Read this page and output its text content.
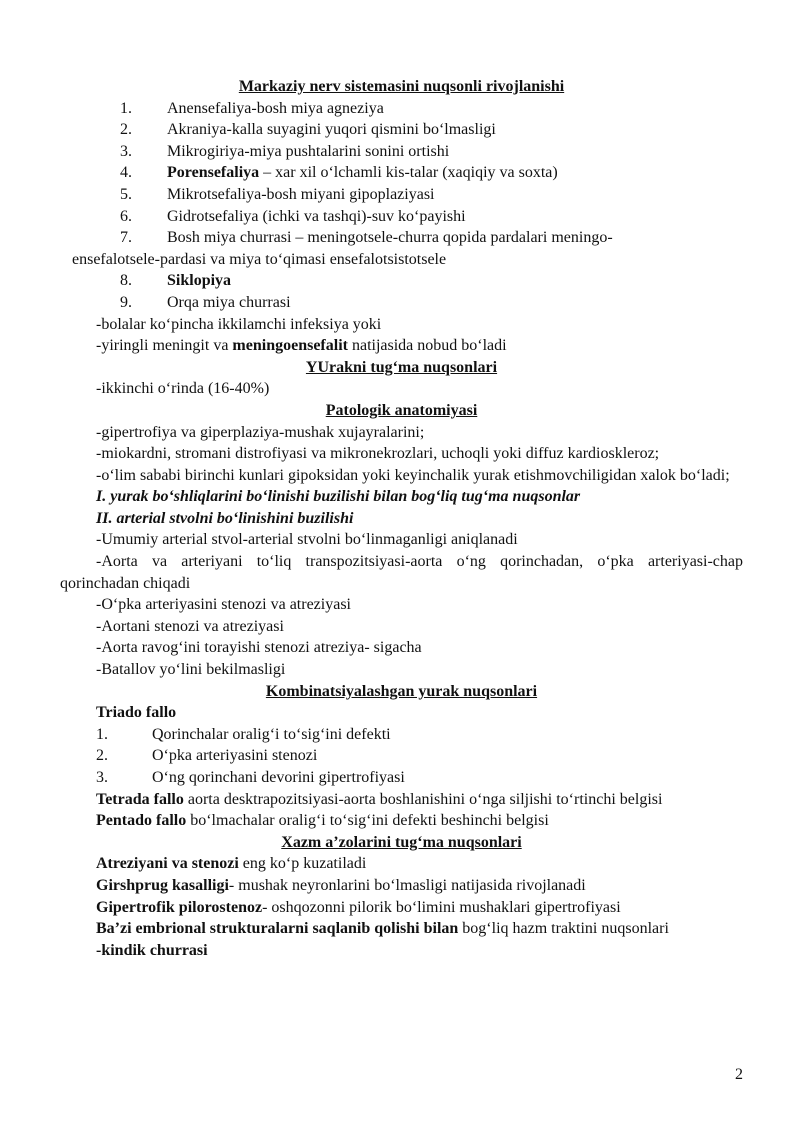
Markaziy nerv sistemasini nuqsonli rivojlanishi

1. Anensefaliya-bosh miya agneziya

2. Akraniya-kalla suyagini yuqori qismini bo‘lmasligi

3. Mikrogiriya-miya pushtalarini sonini ortishi

4. Porensefaliya – xar xil o‘lchamli kis-talar (xaqiqiy va soxta)

5. Mikrotsefaliya-bosh miyani gipoplaziyasi

6. Gidrotsefaliya (ichki va tashqi)-suv ko‘payishi

7. Bosh miya churrasi – meningotsele-churra qopida pardalari meningo-

ensefalotsele-pardasi va miya to‘qimasi ensefalotsistotsele

8. Siklopiya

9. Orqa miya churrasi

-bolalar ko‘pincha ikkilamchi infeksiya yoki

-yiringli meningit va meningoensefalit natijasida nobud bo‘ladi

YUrakni tug‘ma nuqsonlari

-ikkinchi o‘rinda (16-40%)

Patologik anatomiyasi

-gipertrofiya va giperplaziya-mushak xujayralarini;

-miokardni, stromani distrofiyasi va mikronekrozlari, uchoqli yoki diffuz kardioskleroz;

-o‘lim sababi birinchi kunlari gipoksidan yoki keyinchalik yurak etishmovchiligidan xalok bo‘ladi;

I. yurak bo‘shliqlarini bo‘linishi buzilishi bilan bog‘liq tug‘ma nuqsonlar

II. arterial stvolni bo‘linishini buzilishi

-Umumiy arterial stvol-arterial stvolni bo‘linmaganligi aniqlanadi

-Aorta va arteriyani to‘liq transpozitsiyasi-aorta o‘ng qorinchadan, o‘pka arteriyasi-chap qorinchadan chiqadi

-O‘pka arteriyasini stenozi va atreziyasi

-Aortani stenozi va atreziyasi

-Aorta ravog‘ini torayishi stenozi atreziya- sigacha

-Batallov yo‘lini bekilmasligi

Kombinatsiyalashgan yurak nuqsonlari

Triado fallo

1.	Qorinchalar oralig‘i to‘sig‘ini defekti

2.	O‘pka arteriyasini stenozi

3.	O‘ng qorinchani devorini gipertrofiyasi

Tetrada fallo aorta desktrapozitsiyasi-aorta boshlanishini o‘nga siljishi to‘rtinchi belgisi

Pentado fallo bo‘lmachalar oralig‘i to‘sig‘ini defekti beshinchi belgisi

Xazm a’zolarini tug‘ma nuqsonlari

Atreziyani va stenozi eng ko‘p kuzatiladi

Girshprug kasalligi- mushak neyronlarini bo‘lmasligi natijasida rivojlanadi

Gipertrofik pilorostenoz- oshqozonni pilorik bo‘limini mushaklari gipertrofiyasi

Ba’zi embrional strukturalarni saqlanib qolishi bilan bog‘liq hazm traktini nuqsonlari

-kindik churrasi

2
